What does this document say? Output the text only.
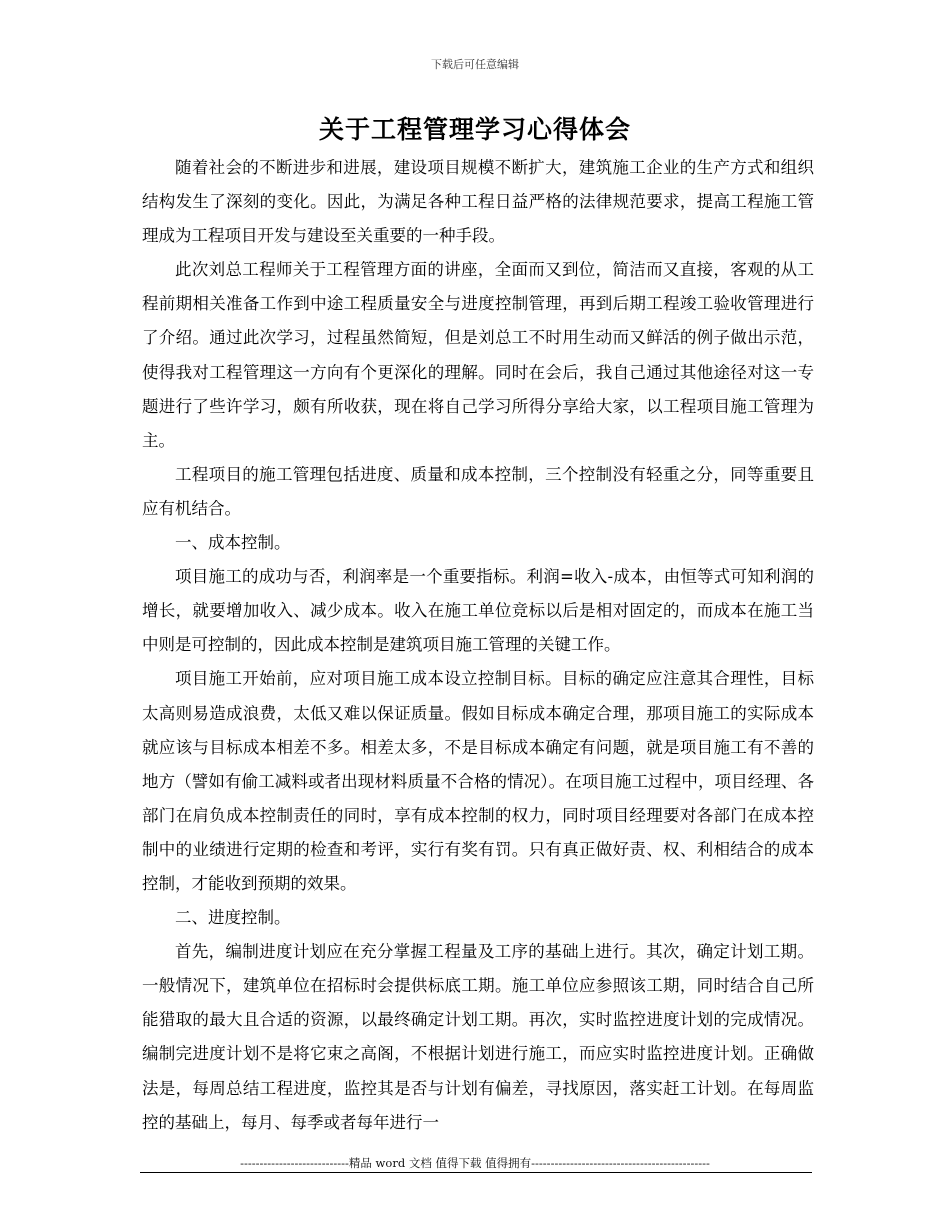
下载后可任意编辑
关于工程管理学习心得体会

随着社会的不断进步和进展，建设项目规模不断扩大，建筑施工企业的生产方式和组织结构发生了深刻的变化。因此，为满足各种工程日益严格的法律规范要求，提高工程施工管理成为工程项目开发与建设至关重要的一种手段。

此次刘总工程师关于工程管理方面的讲座，全面而又到位，简洁而又直接，客观的从工程前期相关准备工作到中途工程质量安全与进度控制管理，再到后期工程竣工验收管理进行了介绍。通过此次学习，过程虽然简短，但是刘总工不时用生动而又鲜活的例子做出示范，使得我对工程管理这一方向有个更深化的理解。同时在会后，我自己通过其他途径对这一专题进行了些许学习，颇有所收获，现在将自己学习所得分享给大家，以工程项目施工管理为主。

工程项目的施工管理包括进度、质量和成本控制，三个控制没有轻重之分，同等重要且应有机结合。

一、成本控制。

项目施工的成功与否，利润率是一个重要指标。利润=收入-成本，由恒等式可知利润的增长，就要增加收入、减少成本。收入在施工单位竞标以后是相对固定的，而成本在施工当中则是可控制的，因此成本控制是建筑项目施工管理的关键工作。

项目施工开始前，应对项目施工成本设立控制目标。目标的确定应注意其合理性，目标太高则易造成浪费，太低又难以保证质量。假如目标成本确定合理，那项目施工的实际成本就应该与目标成本相差不多。相差太多，不是目标成本确定有问题，就是项目施工有不善的地方（譬如有偷工减料或者出现材料质量不合格的情况）。在项目施工过程中，项目经理、各部门在肩负成本控制责任的同时，享有成本控制的权力，同时项目经理要对各部门在成本控制中的业绩进行定期的检查和考评，实行有奖有罚。只有真正做好责、权、利相结合的成本控制，才能收到预期的效果。

二、进度控制。

首先，编制进度计划应在充分掌握工程量及工序的基础上进行。其次，确定计划工期。一般情况下，建筑单位在招标时会提供标底工期。施工单位应参照该工期，同时结合自己所能猎取的最大且合适的资源，以最终确定计划工期。再次，实时监控进度计划的完成情况。编制完进度计划不是将它束之高阁，不根据计划进行施工，而应实时监控进度计划。正确做法是，每周总结工程进度，监控其是否与计划有偏差，寻找原因，落实赶工计划。在每周监控的基础上，每月、每季或者每年进行一

----------------------------精品 word 文档 值得下载 值得拥有----------------------------------------------
